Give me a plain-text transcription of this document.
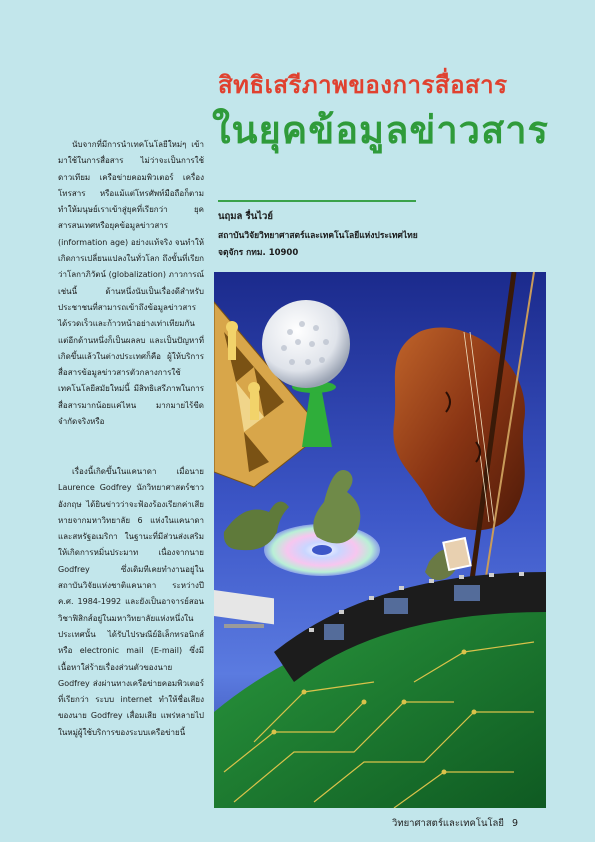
สิทธิเสรีภาพของการสื่อสาร
ในยุคข้อมูลข่าวสาร
นฤมล รื่นไวย์
สถาบันวิจัยวิทยาศาสตร์และเทคโนโลยีแห่งประเทศไทย
จตุจักร กทม. 10900

นับจากที่มีการนำเทคโนโลยีใหม่ๆ เข้ามาใช้ในการสื่อสาร ไม่ว่าจะเป็นการใช้ดาวเทียม เครือข่ายคอมพิวเตอร์ เครื่องโทรสาร หรือแม้แต่โทรศัพท์มือถือก็ตาม ทำให้มนุษย์เราเข้าสู่ยุคที่เรียกว่า ยุคสารสนเทศหรือยุคข้อมูลข่าวสาร (information age) อย่างแท้จริง จนทำให้เกิดการเปลี่ยนแปลงในทั่วโลก ถึงขั้นที่เรียกว่าโลกาภิวัตน์ (globalization) ภาวการณ์เช่นนี้ ด้านหนึ่งนับเป็นเรื่องดีสำหรับประชาชนที่สามารถเข้าถึงข้อมูลข่าวสารได้รวดเร็วและก้าวหน้าอย่างเท่าเทียมกัน แต่อีกด้านหนึ่งก็เป็นผลลบ และเป็นปัญหาที่เกิดขึ้นแล้วในต่างประเทศก็คือ ผู้ให้บริการสื่อสารข้อมูลข่าวสารตัวกลางการใช้เทคโนโลยีสมัยใหม่นี้ มีสิทธิเสรีภาพในการสื่อสารมากน้อยแค่ไหน มากมายไร้ขีดจำกัดจริงหรือ

เรื่องนี้เกิดขึ้นในแคนาดา เมื่อนาย Laurence Godfrey นักวิทยาศาสตร์ชาวอังกฤษ ได้ยินข่าวว่าจะฟ้องร้องเรียกค่าเสียหายจากมหาวิทยาลัย 6 แห่งในแคนาดาและสหรัฐอเมริกา ในฐานะที่มีส่วนส่งเสริมให้เกิดการหมิ่นประมาท เนื่องจากนาย Godfrey ซึ่งเดิมทีเคยทำงานอยู่ในสถาบันวิจัยแห่งชาติแคนาดา ระหว่างปี ค.ศ. 1984-1992 และยังเป็นอาจารย์สอนวิชาฟิสิกส์อยู่ในมหาวิทยาลัยแห่งหนึ่งในประเทศนั้น ได้รับไปรษณีย์อิเล็กทรอนิกส์ หรือ electronic mail (E-mail) ซึ่งมีเนื้อหาใส่ร้ายเรื่องส่วนตัวของนาย Godfrey ส่งผ่านทางเครือข่ายคอมพิวเตอร์ที่เรียกว่า ระบบ internet ทำให้ชื่อเสียงของนาย Godfrey เสื่อมเสีย แพร่หลายไปในหมู่ผู้ใช้บริการของระบบเครือข่ายนี้

วิทยาศาสตร์และเทคโนโลยี 9
